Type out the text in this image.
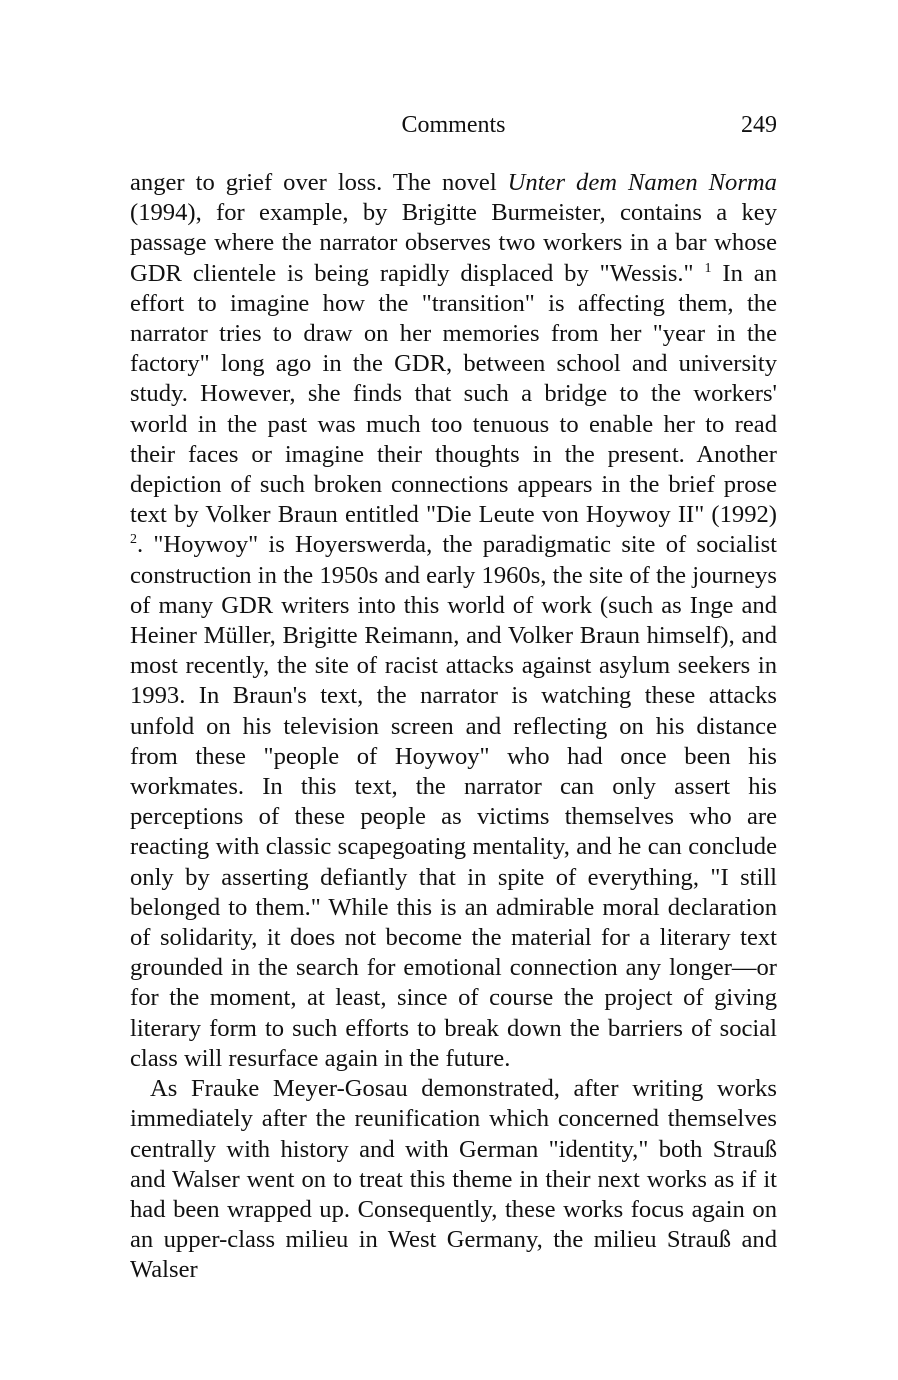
Comments	249

anger to grief over loss. The novel Unter dem Namen Norma (1994), for example, by Brigitte Burmeister, contains a key passage where the narrator observes two workers in a bar whose GDR clientele is being rapidly displaced by "Wessis." $^1$ In an effort to imagine how the "transition" is affecting them, the narrator tries to draw on her memories from her "year in the factory" long ago in the GDR, between school and university study. However, she finds that such a bridge to the workers' world in the past was much too tenuous to enable her to read their faces or imagine their thoughts in the present. Another depiction of such broken connections appears in the brief prose text by Volker Braun entitled "Die Leute von Hoywoy II" (1992) $^2$. "Hoywoy" is Hoyerswerda, the paradigmatic site of socialist construction in the 1950s and early 1960s, the site of the journeys of many GDR writers into this world of work (such as Inge and Heiner Müller, Brigitte Reimann, and Volker Braun himself), and most recently, the site of racist attacks against asylum seekers in 1993. In Braun's text, the narrator is watching these attacks unfold on his television screen and reflecting on his distance from these "people of Hoywoy" who had once been his workmates. In this text, the narrator can only assert his perceptions of these people as victims themselves who are reacting with classic scapegoating mentality, and he can conclude only by asserting defiantly that in spite of everything, "I still belonged to them." While this is an admirable moral declaration of solidarity, it does not become the material for a literary text grounded in the search for emotional connection any longer—or for the moment, at least, since of course the project of giving literary form to such efforts to break down the barriers of social class will resurface again in the future.

As Frauke Meyer-Gosau demonstrated, after writing works immediately after the reunification which concerned themselves centrally with history and with German "identity," both Strauß and Walser went on to treat this theme in their next works as if it had been wrapped up. Consequently, these works focus again on an upper-class milieu in West Germany, the milieu Strauß and Walser
